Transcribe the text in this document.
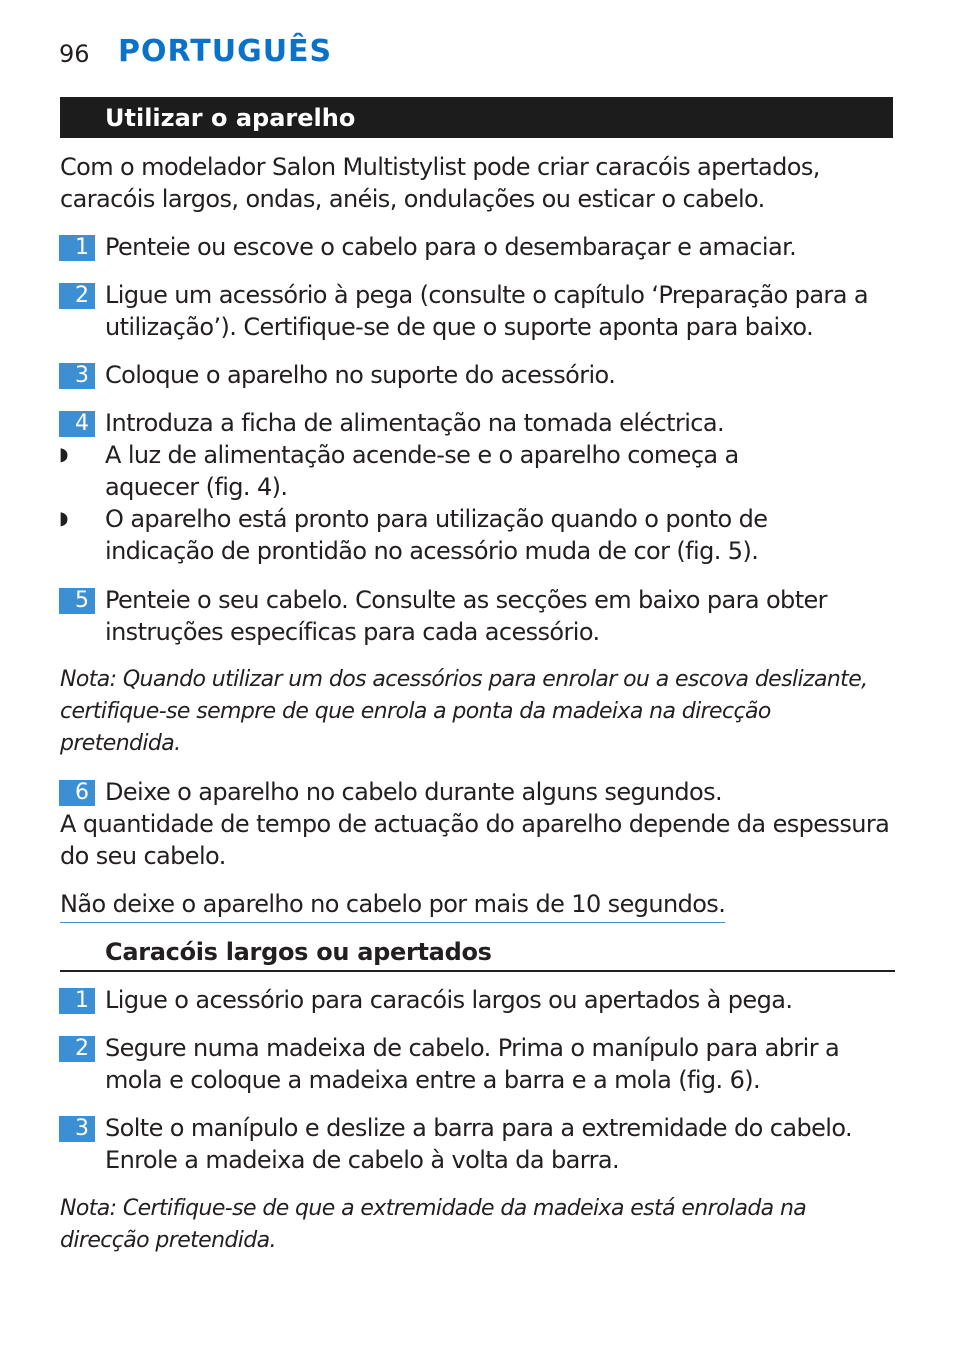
96 PORTUGUÊS
Utilizar o aparelho
Com o modelador Salon Multistylist pode criar caracóis apertados,
caracóis largos, ondas, anéis, ondulações ou esticar o cabelo.
1 Penteie ou escove o cabelo para o desembaraçar e amaciar.
2 Ligue um acessório à pega (consulte o capítulo ‘Preparação para a
utilização’). Certifique-se de que o suporte aponta para baixo.
3 Coloque o aparelho no suporte do acessório.
4 Introduza a ficha de alimentação na tomada eléctrica.
◗ A luz de alimentação acende-se e o aparelho começa a
aquecer (fig. 4).
◗ O aparelho está pronto para utilização quando o ponto de
indicação de prontidão no acessório muda de cor (fig. 5).
5 Penteie o seu cabelo. Consulte as secções em baixo para obter
instruções específicas para cada acessório.
Nota: Quando utilizar um dos acessórios para enrolar ou a escova deslizante,
certifique-se sempre de que enrola a ponta da madeixa na direcção
pretendida.
6 Deixe o aparelho no cabelo durante alguns segundos.
A quantidade de tempo de actuação do aparelho depende da espessura
do seu cabelo.
Não deixe o aparelho no cabelo por mais de 10 segundos.
Caracóis largos ou apertados
1 Ligue o acessório para caracóis largos ou apertados à pega.
2 Segure numa madeixa de cabelo. Prima o manípulo para abrir a
mola e coloque a madeixa entre a barra e a mola (fig. 6).
3 Solte o manípulo e deslize a barra para a extremidade do cabelo.
Enrole a madeixa de cabelo à volta da barra.
Nota: Certifique-se de que a extremidade da madeixa está enrolada na
direcção pretendida.
